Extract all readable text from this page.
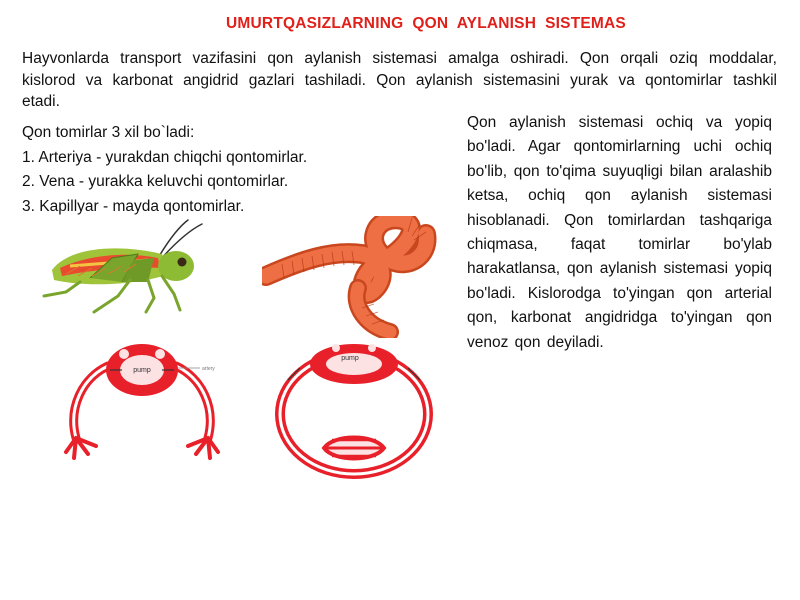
UMURTQASIZLARNING  QON  AYLANISH  SISTEMAS
Hayvonlarda transport vazifasini qon aylanish sistemasi amalga oshiradi. Qon orqali oziq moddalar, kislorod va karbonat angidrid gazlari tashiladi. Qon aylanish sistemasini yurak va qontomirlar tashkil etadi.
Qon tomirlar 3 xil bo`ladi:
1. Arteriya - yurakdan chiqchi qontomirlar.
2. Vena - yurakka keluvchi qontomirlar.
3. Kapillyar - mayda qontomirlar.
Qon aylanish sistemasi ochiq va yopiq bo'ladi. Agar qontomirlarning uchi ochiq bo'lib, qon to'qima suyuqligi bilan aralashib ketsa, ochiq qon aylanish sistemasi hisoblanadi. Qon tomirlardan tashqariga chiqmasa, faqat tomirlar bo'ylab harakatlansa, qon aylanish sistemasi yopiq bo'ladi. Kislorodga to'yingan qon arterial qon, karbonat angidridga to'yingan qon venoz qon deyiladi.
pump	artery
pump
